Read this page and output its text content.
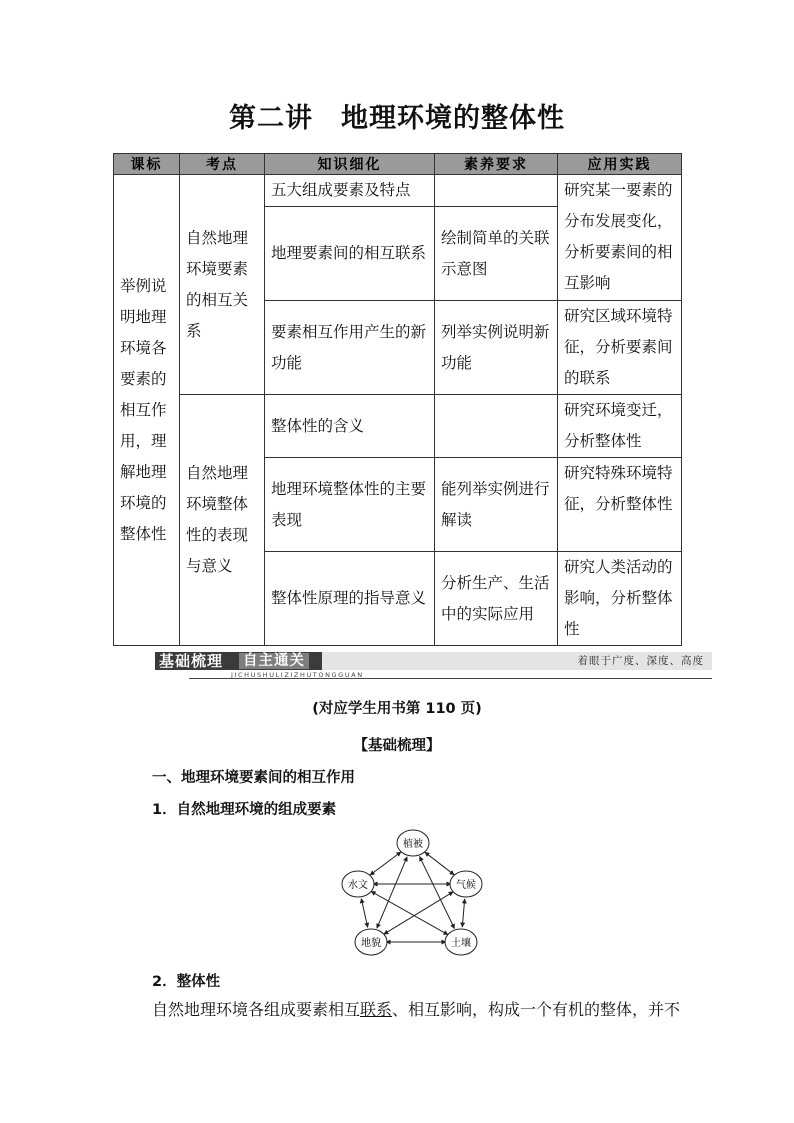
第二讲 地理环境的整体性
课标	考点	知识细化	素养要求	应用实践
举例说明地理环境各要素的相互作用，理解地理环境的整体性	自然地理环境要素的相互关系	五大组成要素及特点		研究某一要素的分布发展变化，分析要素间的相互影响
		地理要素间的相互联系	绘制简单的关联示意图	
		要素相互作用产生的新功能	列举实例说明新功能	研究区域环境特征，分析要素间的联系
	自然地理环境整体性的表现与意义	整体性的含义		研究环境变迁，分析整体性
		地理环境整体性的主要表现	能列举实例进行解读	研究特殊环境特征，分析整体性
		整体性原理的指导意义	分析生产、生活中的实际应用	研究人类活动的影响，分析整体性
基础梳理 自主通关	着眼于广度、深度、高度
JICHUSHULIZIZHUTONGGUAN
(对应学生用书第 110 页)
【基础梳理】
一、地理环境要素间的相互作用
1．自然地理环境的组成要素
植被
气候
土壤
地貌
水文
2．整体性
自然地理环境各组成要素相互联系、相互影响，构成一个有机的整体，并不
